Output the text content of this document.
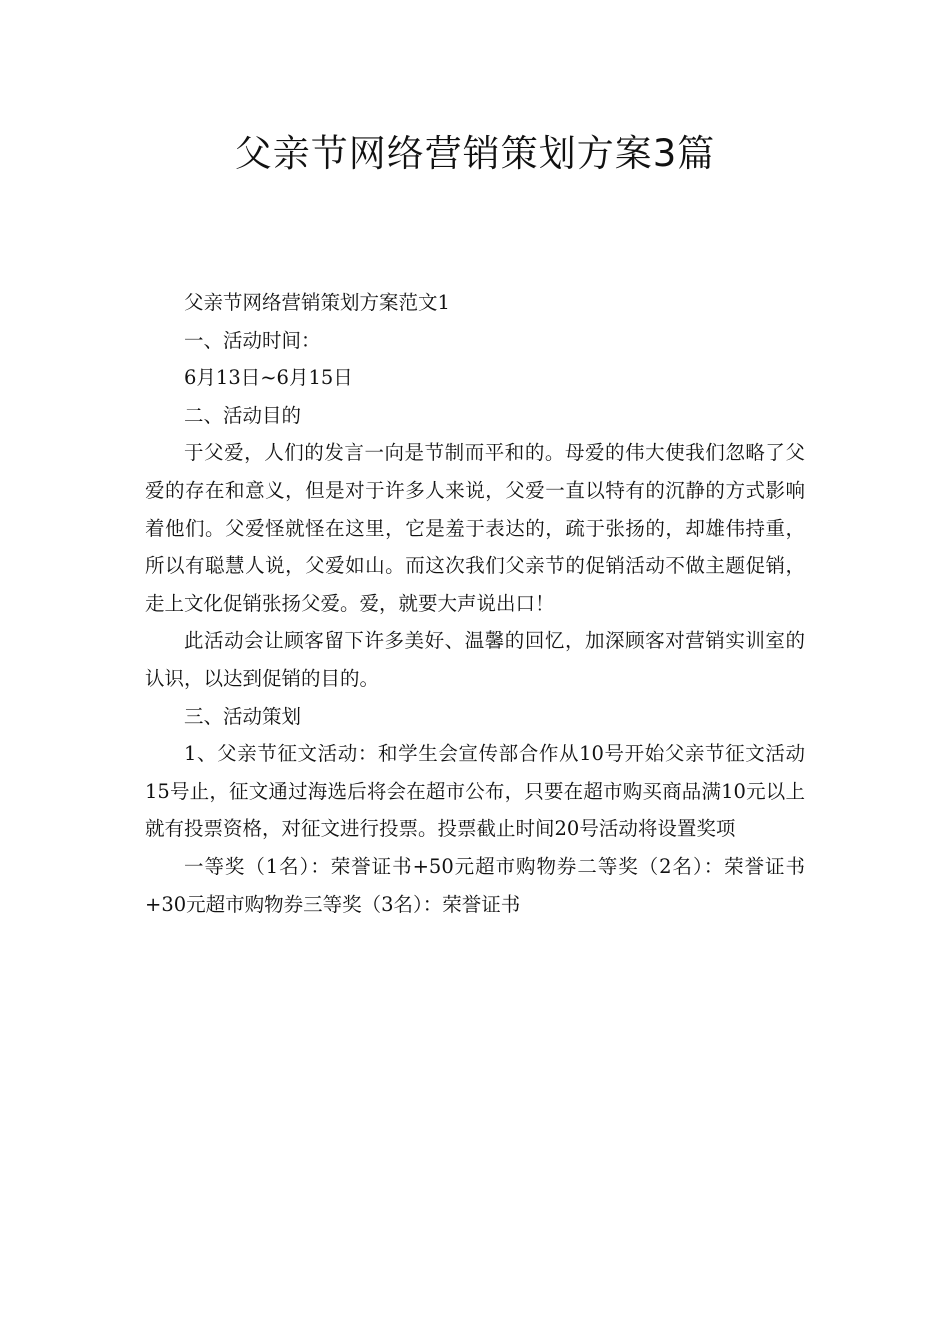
父亲节网络营销策划方案3篇

父亲节网络营销策划方案范文1

一、活动时间：

6月13日~6月15日

二、活动目的

于父爱，人们的发言一向是节制而平和的。母爱的伟大使我们忽略了父爱的存在和意义，但是对于许多人来说，父爱一直以特有的沉静的方式影响着他们。父爱怪就怪在这里，它是羞于表达的，疏于张扬的，却雄伟持重，所以有聪慧人说，父爱如山。而这次我们父亲节的促销活动不做主题促销，走上文化促销张扬父爱。爱，就要大声说出口！

此活动会让顾客留下许多美好、温馨的回忆，加深顾客对营销实训室的认识，以达到促销的目的。

三、活动策划

1、父亲节征文活动：和学生会宣传部合作从10号开始父亲节征文活动15号止，征文通过海选后将会在超市公布，只要在超市购买商品满10元以上就有投票资格，对征文进行投票。投票截止时间20号活动将设置奖项

一等奖（1名）：荣誉证书+50元超市购物券二等奖（2名）：荣誉证书+30元超市购物券三等奖（3名）：荣誉证书
